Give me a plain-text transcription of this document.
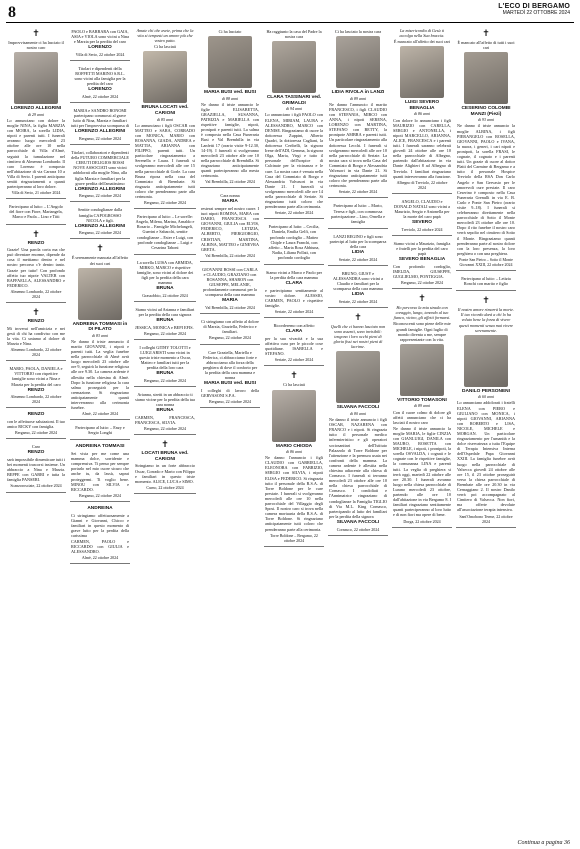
8	L'ECO DI BERGAMO
MARTEDÌ 22 OTTOBRE 2024
✝
Improvvisamente ci ha lasciato il nostro caro
LORENZO ALLEGRINI
di 29 anni
Lo annunciano con dolore la moglie NINA, la figlia MARZIA con MOIRA, la sorella LIDIA, nipoti e parenti tutti. I funerali avranno luogo mercoledì 23 ottobre alle ore 10 nella parrocchiale di Villa d'Almè, seguirà la tumulazione nel cimitero di Almenno Lombardo. Il caro Lorenzo è composto nell'abitazione di via Carrara 10 a Villa di Serio. I parenti anticipano sentiti ringraziamenti a quanti parteciperanno al loro dolore.
Villa di Serio, 21 ottobre 2024
Partecipano al lutto: – L'Angolo del fiore con Fiore, Mariangela, Marco e Paola – Lino e Titti
✝
RENZO
Grazie! Una parola corta ma che può diventare enorme, dipende da cosa il mettiamo dentro e nel nostro percorso c'è dentro tanto. Grazie per tutto! Con profondo affetto tuo nipote VALTER con RAFFAELLA, ALESSANDRO e FEDERICO.
Almenno Lombardo, 22 ottobre 2024
✝
RENZO
Mi troverai nell'amicizia e nei gesti di chi ha condiviso con me la vita. Ci uniamo al dolore di Marzia e Nina.
Almenno Lombardo, 22 ottobre 2024
MARIO, PAOLA, DANIELA e VITTORIO con rispettive famiglie sono vicini a Nina e Marzia per la perdita del caro
RENZO
Almenno Lombardo, 22 ottobre 2024
RENZO
con le affettuose salutazioni. Il tuo amico RICKY con famiglia.
Bergamo, 22 ottobre 2024
Caro
RENZO
sarà impossibile dimenticare tutti i bei momenti trascorsi insieme. Un abbraccio a Nina e Marzia. BEPPE con GABRI e tutta la famiglia PANSERI.
Scanzorosciate, 22 ottobre 2024
PAOLO e BARBARA con GAIA, ASIA e VIOLA sono vicini a Nina e Marzia per la perdita del caro
LORENZO
Villa di Serio, 22 ottobre 2024
Titolari e dipendenti della ROFFETTI MARINO S.R.L. sono vicini alla famiglia per la perdita del caro
LORENZO
Almè, 22 ottobre 2024
MARIA e SANDRO BONOMI partecipano commossi al grave lutto di Nina, Marzia e familiari tutti per l'improvvisa scomparsa di
LORENZO ALLEGRINI
Bergamo, 22 ottobre 2024
Titolari, collaboratori e dipendenti della FUTURO COMMERCIALE CERUTI DELIGIOS ROSSI NOVE ASSOCIATI sono vicini addolorati alla moglie Nina, alla figlia Marzia e familiari per la grave perdita dell'amatissimo
LORENZO ALLEGRINI
Bergamo, 22 ottobre 2024
Sentite condoglianze dalla famiglia CAPOGROSSO NICOLA e figli.
LORENZO ALLEGRINI
Bergamo, 22 ottobre 2024
✝
È serenamente mancata all'affetto dei suoi cari
ANDREINA TOMMASI in DI PILATO
di 83 anni
Ne danno il triste annuncio il marito GIOVANNI, i nipoti e parenti tutti. La veglia funebre nella parrocchiale di Almè avrà luogo mercoledì 23 ottobre alle ore 9, seguirà la funzione religiosa alle ore 9.30. La camera ardente è allestita nella chiesina di Almè. Dopo la funzione religiosa la cara salma proseguirà per la cremazione. Si ringraziano anticipatamente quanti interverranno alla cerimonia funebre.
Almè, 22 ottobre 2024
Partecipano al lutto: – Enzy e Sergio Longhi
ANDREINA TOMMASI
Sei vista per me come una mamma dolce, sorridente e comprensiva. Ti penso per sempre portarlo nel mio cuore sicuro che anche tu, da lassù, saprai proteggermi. Ti voglio bene. MINOU con SILVIA e RICCARDO.
Bergamo, 22 ottobre 2024
ANDREINA
Ci stringiamo affettuosamente a Gianni e Giovanni, Chicco e familiari in questo momento di grave lutto per la perdita della carissima
CARMEN, PAOLO e RICCARDO con GIULIA e ALESSANDRO.
Almè, 22 ottobre 2024
Amate chi che avete, prima che la vita si tempesti un amore più che vostro patto.
Ci ha lasciati
BRUNA LOCATI ved. CARIONI
di 85 anni
Lo annunciano i figli OSCAR con MATTEO e SARA, CORRADO con MONICA, MARIO con ROSANNA, GIADA, ANDREA e MATTIA, ARIANNA con FILIPPO, parenti tutti. Un particolare ringraziamento a Serenella e Laura. I funerali si svolgeranno mercoledì alle ore 15 nella parrocchiale di Gorle. La cara Bruna riposa nella casa del Commiato di Brembate. Si ringrazia anticipatamente tutti coloro che prenderanno parte alla cerimonia.
Bergamo, 22 ottobre 2024
Partecipano al lutto: – Le sorelle: Angela, Milena, Marina, Arnaldo e Rosario – Famiglie Michelangeli, Guerini e Sabacchi, sentite condoglianze – Ester e Luigi, con profonde condoglianze – Luigi e Cesarina Taboni
La sorella LUISA con ARMIDA, MIRKO, MARCO e rispettive famiglie, sono vicini al dolore dei figli per la perdita della cara mamma
BRUNA
Grassobbio, 22 ottobre 2024
Siamo vicini ad Arianna e familiari per la perdita della cara signora
BRUNA
JESSICA, MONICA e BEPI EFIS.
Bergamo, 22 ottobre 2024
I colleghi GITHY TOLOTTI e LUIGI ARISTI sono vicini in questo triste momento a Oscar, Matteo e familiari tutti per la perdita della loro cara
BRUNA
Bergamo, 22 ottobre 2024
Arianna, stretti in un abbraccio ti siamo vicine per la perdita della tua cara nonna
BRUNA
CARMEN, FRANCESCA, FRANCESCA, SILVIA.
Bergamo, 22 ottobre 2024
✝
LOCATI BRUNA ved. CARIONI
Stringiamo in un forte abbraccio Oscar, Corrado e Mario con Filippo e familiari in questo triste momento. ALICE, LUCA e SIMO.
Curno, 22 ottobre 2024
Ci ha lasciato
MARIA BUSI ved. BUSI
di 88 anni
Ne danno il triste annuncio le figlie ELISABETTA, GRAZIELLA, SUSANNA, PATRIZIA e MARIELLA con rispettive famiglie, nipoti, pronipoti e parenti tutti. La salma è composta nella Casa Funeraria Busi e Val Brembilla in via Lanfetti 17 (orario visite 9-12.30, 14-19). I funerali si svolgeranno mercoledì 23 ottobre alle ore 10 nella parrocchiale di Brembilla. Si ringraziano anticipatamente quanti parteciperanno alla mesta cerimonia.
Val Brembilla, 22 ottobre 2024
Cara nonna
MARIA
resterai sempre nel nostro cuore. I tuoi nipoti ROMINA, MARA con DARIO, FRANCESCA con GIOVANNI, GIULIA con ELVIS, FEDERICO, LETIZIA, ALBERTO, PIERGIORGIO, CRISTIAN, MARTINA, ALBINA, MATTEO e GINEVRA GRETA.
Val Brembilla, 22 ottobre 2024
GIOVANNI BOSSI con CARLA e CLAUDIO, GRAZIANO con ROSANNA, SHARON con GIUSEPPE, MELANIE, profondamente commossi per la scomparsa della cara mamma
MARIA
Val Brembilla, 22 ottobre 2024
Ci stringiamo con affetto al dolore di Marzia, Graziella, Federico e familiari.
Bergamo, 22 ottobre 2024
Care Graziella, Mariella e Federica, ci abbracciamo forte e abbracciamo alla forza della preghiera di dove il conforto per la perdita della cara mamma e nonna
MARIA BUSI ved. BUSI
I colleghi di lavoro della GERVASONI S.P.A.
Bergamo, 22 ottobre 2024
Ha raggiunto la casa del Padre la nostra cara
CLARA TASSINARI ved. GRIMALDI
di 94 anni
Lo annunciano i figli PAOLO con ELENA, MIRIAM, LAURA e ALESSANDRO, MARCO con DENISE. Ringraziamo di cuore la dottoressa Zuppini, Alberto Quadri, la dottoressa Cagliani, la dottoressa Ceribelli, la signora Irene dell'ADI, Gemma, la signora Olga, Maria, Virgi e tutto il personale dell'hospice di Calcinate per la vicinanza e le cure. La nostra cara è venuta nella Casa del Commiato di Borgo e Alessandria Valvasori in via Dante 21. I funerali si svolgeranno mercoledì alle ore 14 nella parrocchiale di Seriate. Si ringraziano tutti coloro che prenderanno parte alla cerimonia.
Seriate, 22 ottobre 2024
Partecipano al lutto: – Cecilia, Daniela, Emilia Gelfi, con profondo cordoglio – Matteo Chiple e Laura Franchi, con affetto – Maria Rosa Abbiuna, Nadia, Liliana Pollati, con profondo cordoglio
Siamo vicini a Marco e Paolo per la perdita della cara mamma
CLARA
e partecipiamo sentitamente al vostro dolore. ALESSIO, CARMEN, PAOLO e rispettive famiglie.
Seriate, 22 ottobre 2024
Ricorderemo con affetto
CLARA
per la sua vivacità e la sua affettiva cura per le piccole cose quotidiane. ISABELLA e STEFANO.
Seriate, 22 ottobre 2024
✝
Ci ha lasciati
MARIO CHIODA
di 86 anni
Ne danno l'annuncio i figli CLAUDIO con GABRIELLA, ELEONORA con FABRIZIO, SERGIO con SILVIA, i nipoti ELISA e FEDERICO. Si ringrazia tutto il personale della R.S.A. di Torre Boldone per le cure prestate. I funerali si svolgeranno mercoledì alle ore 10 nella parrocchiale del Villaggio degli Sposi. Il nostro caro si trova nella camera mortuaria della R.S.A. di Torre Boldone. Si ringraziano anticipatamente tutti coloro che prenderanno parte alla cerimonia.
Torre Boldone – Bergamo, 22 ottobre 2024
Ci ha lasciato la nostra cara
LIDIA RIVOLA in LANZI
di 89 anni
Ne danno l'annuncio il marito FRANCESCO, i figli CLAUDIO con STEFANIA, MIRCO con ANNA, i nipoti SERENA, LORENZO con MARTINA, STEFANO con BETTY, la pronipote AMBRA e parenti tutti. Un particolare ringraziamento alla dottoressa Lecchi. I funerali si svolgeranno mercoledì alle ore 10 nella parrocchiale di Seriate. La nostra cara si trova nella Casa del Commiato di Borgo e Alessandria Valvasori in via Dante 21. Si ringraziano anticipatamente tutti coloro che prenderanno parte alla cerimonia.
Seriate, 22 ottobre 2024
Partecipano al lutto: – Mario, Teresa e figli, con commossa partecipazione – Lino, Ornella e famiglia
LANZI REGINO e figli sono partecipi al lutto per la scomparsa della cara
LIDIA
Seriate, 22 ottobre 2024
BRUNO, GIUSY e ALESSANDRA sono vicini a Claudio e familiari per la scomparsa della cara mamma
LIDIA
Seriate, 22 ottobre 2024
✝
Quelli che ci hanno lasciato non sono assenti, sono invisibili: tengono i loro occhi pieni di gloria fissi nei nostri pieni di lacrime.
SILVANA FACCOLI
di 80 anni
Ne danno il triste annuncio i figli OSCAR, NAZARENA con FRANCO e i nipoti. Si ringrazia tutto il personale medico infermieristico e gli operatori sociosanitari dell'Istituto Palazzolo di Torre Boldone per l'attenzione e la premura usata nei confronti della mamma. La camera ardente è allestita nella chiesina adiacente alla chiesa di Cornasco. I funerali si terranno mercoledì 23 ottobre alle ore 10 nella chiesa parrocchiale di Cornasco. I condoliati e l'Annimatrice ringraziano di condoglianze la Famiglia TIGLIO di Via M.L. King Cornasco, partecipando al lutto dei familiari per la perdita della signora
SILVANA FACCOLI
Cornasco, 22 ottobre 2024
La misericordia di Gesù ti accolga nella Sua braccia.
È mancato all'affetto dei suoi cari
LUIGI SEVERO BENAGLIA
di 86 anni
Con dolore lo annunciano i figli MAURIZIO con CARELLA, SERGIO e ANTONELLA, i nipoti MARCELLO, ARIANNA, ALICE, FRANCESCA e i parenti tutti. I funerali saranno celebrati giovedì 24 ottobre alle ore 10 nella parrocchiale di Albegno, partendo dall'abitazione in via Dante Alighieri 8 ad Albegno di Treviolo. I familiari ringraziano quanti interverranno alla funzione.
Albegno di Treviolo, 22 ottobre 2024
ANGELO, CLAUDIO e DONALD NATALI sono vicini a Maurizio, Sergio e Antonella per la morte del caro papà
SEVERO
Treviolo, 22 ottobre 2024
Siamo vicini a Maurizio, famiglia e fratelli per la perdita del caro papà
SEVERO BENAGLIA
Con profondo cordoglio, IMELDA, GIUSEPPE, GUGLIELMO, PONTIGGIA.
Bergamo, 22 ottobre 2024
✝
Ho percorso la mia strada con coraggio, lungo, tenendo al tuo fianco, vicino, gli affetti formarsi.
Riconoscenti sono piene delle mie grandi famiglie. Ogni luglio di mondo diventa a me, sempre rappresentante con la vita.
VITTORIO TOMASONI
di 89 anni
Con il cuore colmo di dolore gli affetti annunciano che ci ha lasciati il nostro caro
Ne danno il triste annuncio la moglie MARIA, le figlie CINZIA con GIANLUIGI, DANILA con MAURO, ROSETTA con MICHELE, i nipoti, i pronipoti, la sorella OSVALDA, i cognati e le cognate con le rispettive famiglie, la comunanza LINA e parenti tutti. La veglia di preghiera si terrà oggi, martedì 22 ottobre alle ore 20.30. I funerali avranno luogo nella chiesa parrocchiale di Lurano mercoledì 23 ottobre, partendo alle ore 10 dall'abitazione in via Bergamo 8. I familiari ringraziano sentitamente quanti parteciperanno al loro lutto e di non fiori ma opere di bene.
Dorga, 22 ottobre 2024
✝
È mancato all'affetto di tutti i suoi cari
CESERINO COLOMBI MANZI (Piezi)
di 93 anni
Ne danno il triste annuncio la moglie ALBINA, i figli PIERANGELO con ROSELLA, GIOVANNI, PAOLO e IVANA, la nuora, i generi, i cari nipoti e pronipoti, la sorella FRASI, le cognate, il cognato e i parenti tutti. Un grazie di cuore al dottor Platti del Carmine di Bergamo e a tutto il personale Hospice Treviolo della RSA Don Carlo Angelo e San Gervasio per le amorevoli cure prestate. Il caro Ceserino è composto nella Casa Funeraria Grenulli in via E. B. Carlo e Ponte San Pietro (orario visite 9–18). I funerali si celebreranno direttamente nella parrocchiale di Sotto il Monte mercoledì 23 ottobre alle ore 10. Dopo il rito funebre il nostro caro verrà sepolto nel cimitero di Sotto il Monte. Ringraziamo quanti prenderanno parte al nostro dolore con la loro presenza, la loro preghiera o con una preghiera.
Ponte San Pietro – Sotto il Monte Giovanni XXIII, 22 ottobre 2024
Partecipano al lutto: – Letizia Ronchi con marito e figlio
✝
Il nostro amore rimarrà la morte. Il tuo ricordo darà a chi lo ha voluto bene la forza di vivere questi momenti senza mai vivere serenamente.
DANILO PERSONENI
di 60 anni
Lo annunciano addolorati i fratelli ELENA con PIERO e GIULIANO con MONICA, i nipoti GIOVANNI, ARIANNA con ROBERTO e LISA, NICOLE, MICHELE e MORGAN. Un particolare ringraziamento per l'umanità e la dolce riservatezza a tutta l'Equipe di Terapia Intensiva Interna dell'Ospedale Papa Giovanni XXIII. La famiglia funebre avrà luogo nella parrocchiale di Valsecca giovedì 24 ottobre alle ore 15, il 23 ottobre proseguirà verso la chiesa parrocchiale di Brembate alle ore 20.30 in via Cernaggiano 2. Il nostro Danilo verrà poi accompagnato al Cimitero di Valsecca. Non fiori, ma offerte devolute all'associazione terapia intensiva.
Sant'Omobono Terme, 22 ottobre 2024
Continua a pagina 36
